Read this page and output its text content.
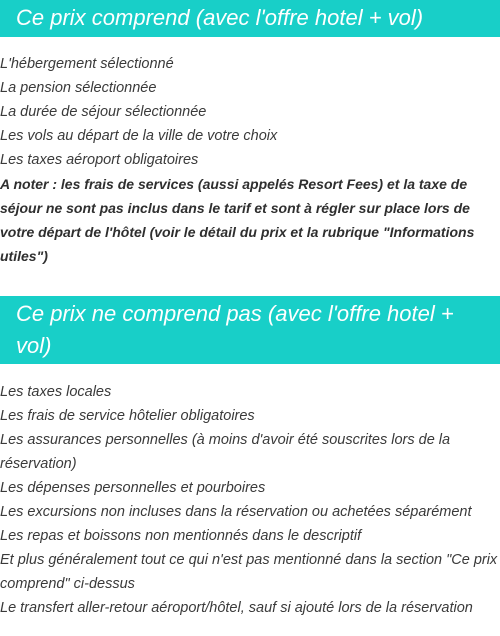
Ce prix comprend (avec l'offre hotel + vol)
L'hébergement sélectionné
La pension sélectionnée
La durée de séjour sélectionnée
Les vols au départ de la ville de votre choix
Les taxes aéroport obligatoires
A noter : les frais de services (aussi appelés Resort Fees) et la taxe de séjour ne sont pas inclus dans le tarif et sont à régler sur place lors de votre départ de l'hôtel (voir le détail du prix et la rubrique "Informations utiles")
Ce prix ne comprend pas (avec l'offre hotel + vol)
Les taxes locales
Les frais de service hôtelier obligatoires
Les assurances personnelles (à moins d'avoir été souscrites lors de la réservation)
Les dépenses personnelles et pourboires
Les excursions non incluses dans la réservation ou achetées séparément
Les repas et boissons non mentionnés dans le descriptif
Et plus généralement tout ce qui n'est pas mentionné dans la section "Ce prix comprend" ci-dessus
Le transfert aller-retour aéroport/hôtel, sauf si ajouté lors de la réservation
